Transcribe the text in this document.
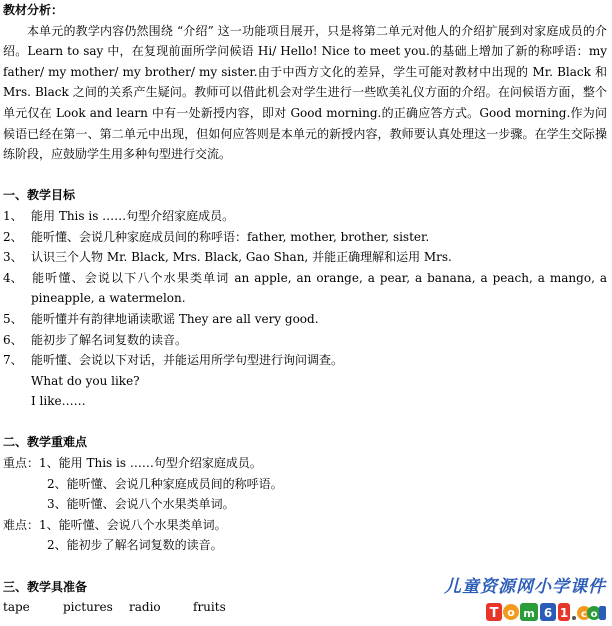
教材分析：

本单元的教学内容仍然围绕 “介绍” 这一功能项目展开，只是将第二单元对他人的介绍扩展到对家庭成员的介绍。Learn to say 中，在复现前面所学问候语 Hi/ Hello! Nice to meet you.的基础上增加了新的称呼语：my father/ my mother/ my brother/ my sister.由于中西方文化的差异，学生可能对教材中出现的 Mr. Black 和 Mrs. Black 之间的关系产生疑问。教师可以借此机会对学生进行一些欧美礼仪方面的介绍。在问候语方面，整个单元仅在 Look and learn 中有一处新授内容，即对 Good morning.的正确应答方式。Good morning.作为问候语已经在第一、第二单元中出现，但如何应答则是本单元的新授内容，教师要认真处理这一步骤。在学生交际操练阶段，应鼓励学生用多种句型进行交流。

一、教学目标
1、 能用 This is ……句型介绍家庭成员。
2、 能听懂、会说几种家庭成员间的称呼语：father, mother, brother, sister.
3、 认识三个人物 Mr. Black, Mrs. Black, Gao Shan, 并能正确理解和运用 Mrs.
4、 能听懂、会说以下八个水果类单词 an apple, an orange, a pear, a banana, a peach, a mango, a pineapple, a watermelon.
5、 能听懂并有韵律地诵读歌谣 They are all very good.
6、 能初步了解名词复数的读音。
7、 能听懂、会说以下对话，并能运用所学句型进行询问调查。
What do you like?
I like……
二、教学重难点
重点：1、能用 This is ……句型介绍家庭成员。
2、能听懂、会说几种家庭成员间的称呼语。
3、能听懂、会说八个水果类单词。
难点：1、能听懂、会说八个水果类单词。
2、能初步了解名词复数的读音。
三、教学具准备
tape	pictures radio	fruits
儿童资源网小学课件
T o m 6 1 c o
